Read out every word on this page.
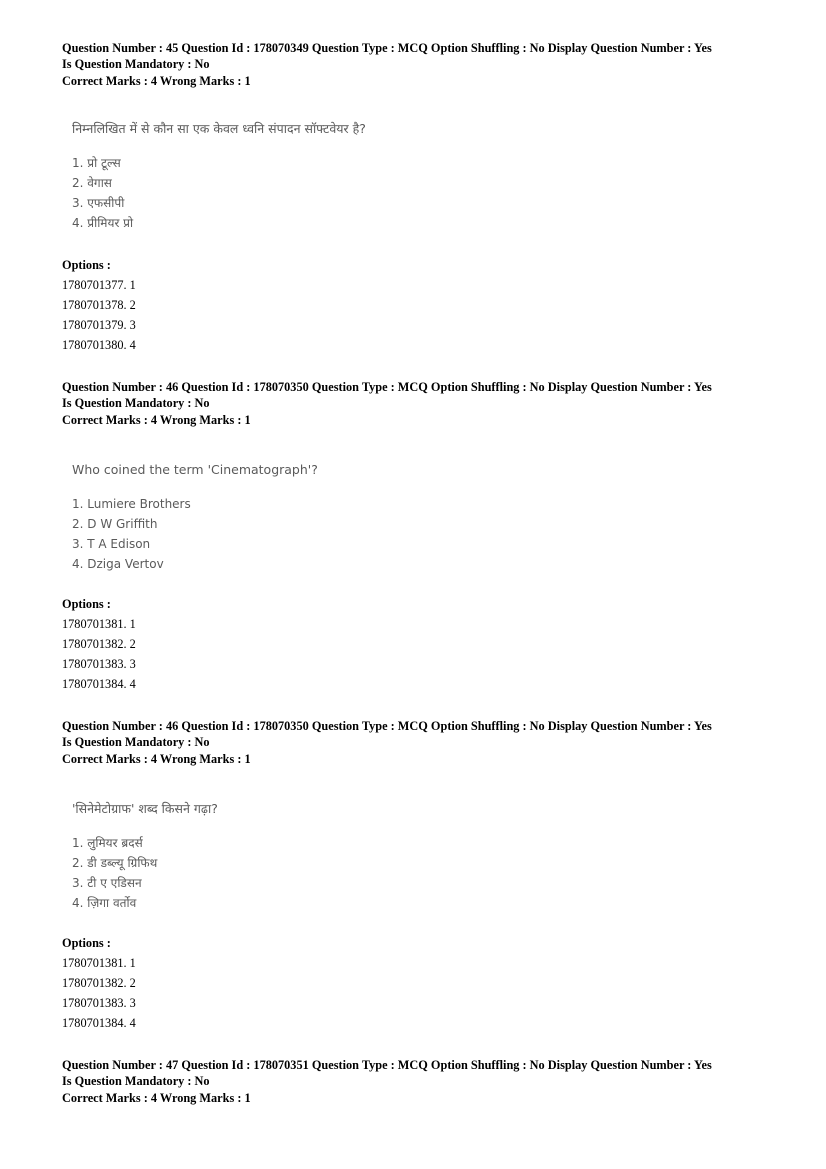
Question Number : 45 Question Id : 178070349 Question Type : MCQ Option Shuffling : No Display Question Number : Yes
Is Question Mandatory : No
Correct Marks : 4 Wrong Marks : 1
निम्नलिखित में से कौन सा एक केवल ध्वनि संपादन सॉफ्टवेयर है?
1. प्रो टूल्स
2. वेगास
3. एफसीपी
4. प्रीमियर प्रो
Options :
1780701377. 1
1780701378. 2
1780701379. 3
1780701380. 4
Question Number : 46 Question Id : 178070350 Question Type : MCQ Option Shuffling : No Display Question Number : Yes
Is Question Mandatory : No
Correct Marks : 4 Wrong Marks : 1
Who coined the term 'Cinematograph'?
1. Lumiere Brothers
2. D W Griffith
3. T A Edison
4. Dziga Vertov
Options :
1780701381. 1
1780701382. 2
1780701383. 3
1780701384. 4
Question Number : 46 Question Id : 178070350 Question Type : MCQ Option Shuffling : No Display Question Number : Yes
Is Question Mandatory : No
Correct Marks : 4 Wrong Marks : 1
'सिनेमेटोग्राफ' शब्द किसने गढ़ा?
1. लुमियर ब्रदर्स
2. डी डब्ल्यू ग्रिफिथ
3. टी ए एडिसन
4. ज़िगा वर्तोव
Options :
1780701381. 1
1780701382. 2
1780701383. 3
1780701384. 4
Question Number : 47 Question Id : 178070351 Question Type : MCQ Option Shuffling : No Display Question Number : Yes
Is Question Mandatory : No
Correct Marks : 4 Wrong Marks : 1
